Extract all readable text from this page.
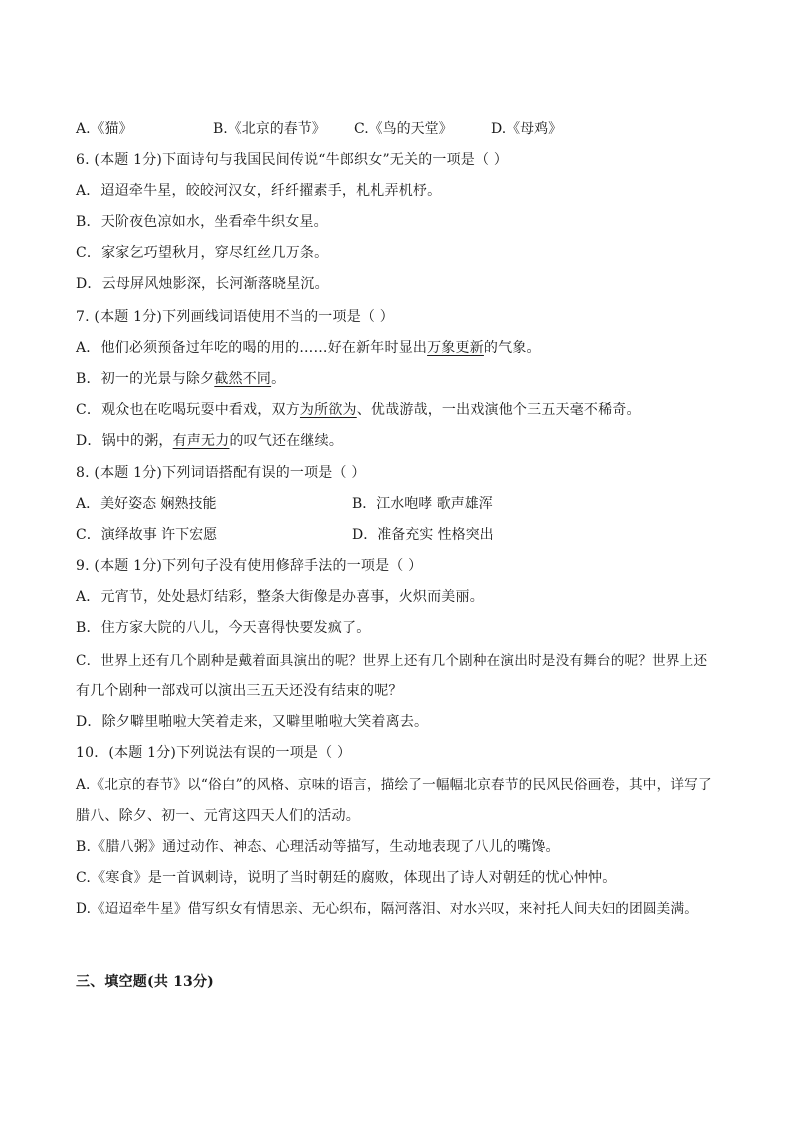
A.《猫》	B.《北京的春节》 C.《鸟的天堂》	D.《母鸡》
6. (本题 1分)下面诗句与我国民间传说“牛郎织女”无关的一项是（ ）
A．迢迢牵牛星，皎皎河汉女，纤纤擢素手，札札弄机杼。
B．天阶夜色凉如水，坐看牵牛织女星。
C．家家乞巧望秋月，穿尽红丝几万条。
D．云母屏风烛影深，长河渐落晓星沉。
7. (本题 1分)下列画线词语使用不当的一项是（ ）
A．他们必须预备过年吃的喝的用的……好在新年时显出万象更新的气象。
B．初一的光景与除夕截然不同。
C．观众也在吃喝玩耍中看戏，双方为所欲为、优哉游哉，一出戏演他个三五天毫不稀奇。
D．锅中的粥，有声无力的叹气还在继续。
8. (本题 1分)下列词语搭配有误的一项是（ ）
A．美好姿态 娴熟技能	B．江水咆哮 歌声雄浑
C．演绎故事 许下宏愿	D．准备充实 性格突出
9. (本题 1分)下列句子没有使用修辞手法的一项是（ ）
A．元宵节，处处悬灯结彩，整条大街像是办喜事，火炽而美丽。
B．住方家大院的八儿，今天喜得快要发疯了。
C．世界上还有几个剧种是戴着面具演出的呢？世界上还有几个剧种在演出时是没有舞台的呢？世界上还
有几个剧种一部戏可以演出三五天还没有结束的呢？
D．除夕噼里啪啦大笑着走来，又噼里啪啦大笑着离去。
10．(本题 1分)下列说法有误的一项是（ ）
A.《北京的春节》以“俗白”的风格、京味的语言，描绘了一幅幅北京春节的民风民俗画卷，其中，详写了
腊八、除夕、初一、元宵这四天人们的活动。
B.《腊八粥》通过动作、神态、心理活动等描写，生动地表现了八儿的嘴馋。
C.《寒食》是一首讽刺诗，说明了当时朝廷的腐败，体现出了诗人对朝廷的忧心忡忡。
D.《迢迢牵牛星》借写织女有情思亲、无心织布，隔河落泪、对水兴叹，来衬托人间夫妇的团圆美满。
三、填空题(共 13分)
